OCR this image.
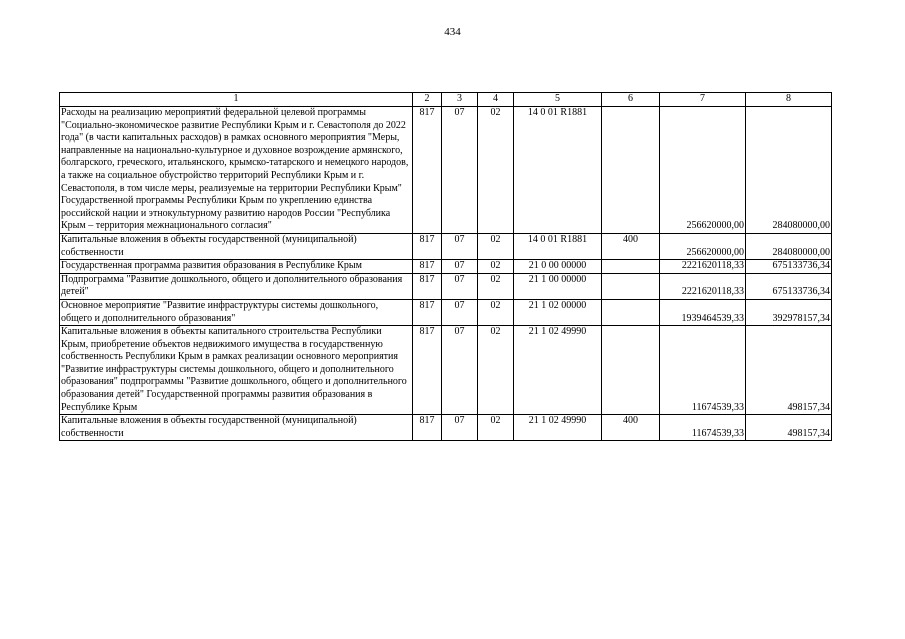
434
1	2	3	4	5	6	7	8
Расходы на реализацию мероприятий федеральной целевой программы "Социально-экономическое развитие Республики Крым и г. Севастополя до 2022 года" (в части капитальных расходов) в рамках основного мероприятия "Меры, направленные на национально-культурное и духовное возрождение армянского, болгарского, греческого, итальянского, крымско-татарского и немецкого народов, а также на социальное обустройство территорий Республики Крым и г. Севастополя, в том числе меры, реализуемые на территории Республики Крым" Государственной программы Республики Крым по укреплению единства российской нации и этнокультурному развитию народов России "Республика Крым – территория межнационального согласия"	817	07	02	14 0 01 R1881		256620000,00	284080000,00
Капитальные вложения в объекты государственной (муниципальной) собственности	817	07	02	14 0 01 R1881	400	256620000,00	284080000,00
Государственная программа развития образования в Республике Крым	817	07	02	21 0 00 00000		2221620118,33	675133736,34
Подпрограмма "Развитие дошкольного, общего и дополнительного образования детей"	817	07	02	21 1 00 00000		2221620118,33	675133736,34
Основное мероприятие "Развитие инфраструктуры системы дошкольного, общего и дополнительного образования"	817	07	02	21 1 02 00000		1939464539,33	392978157,34
Капитальные вложения в объекты капитального строительства Республики Крым, приобретение объектов недвижимого имущества в государственную собственность Республики Крым в рамках реализации основного мероприятия "Развитие инфраструктуры системы дошкольного, общего и дополнительного образования" подпрограммы "Развитие дошкольного, общего и дополнительного образования детей" Государственной программы развития образования в Республике Крым	817	07	02	21 1 02 49990		11674539,33	498157,34
Капитальные вложения в объекты государственной (муниципальной) собственности	817	07	02	21 1 02 49990	400	11674539,33	498157,34
